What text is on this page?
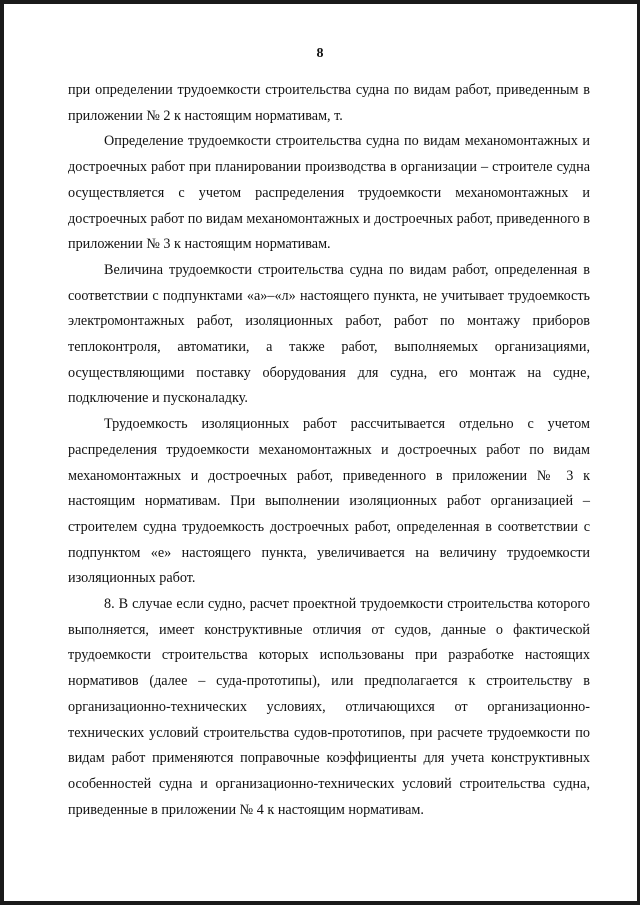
8

при определении трудоемкости строительства судна по видам работ, приведенным в приложении № 2 к настоящим нормативам, т.

Определение трудоемкости строительства судна по видам механомонтажных и достроечных работ при планировании производства в организации – строителе судна осуществляется с учетом распределения трудоемкости механомонтажных и достроечных работ по видам механомонтажных и достроечных работ, приведенного в приложении № 3 к настоящим нормативам.

Величина трудоемкости строительства судна по видам работ, определенная в соответствии с подпунктами «а»–«л» настоящего пункта, не учитывает трудоемкость электромонтажных работ, изоляционных работ, работ по монтажу приборов теплоконтроля, автоматики, а также работ, выполняемых организациями, осуществляющими поставку оборудования для судна, его монтаж на судне, подключение и пусконаладку.

Трудоемкость изоляционных работ рассчитывается отдельно с учетом распределения трудоемкости механомонтажных и достроечных работ по видам механомонтажных и достроечных работ, приведенного в приложении № 3 к настоящим нормативам. При выполнении изоляционных работ организацией – строителем судна трудоемкость достроечных работ, определенная в соответствии с подпунктом «е» настоящего пункта, увеличивается на величину трудоемкости изоляционных работ.

8. В случае если судно, расчет проектной трудоемкости строительства которого выполняется, имеет конструктивные отличия от судов, данные о фактической трудоемкости строительства которых использованы при разработке настоящих нормативов (далее – суда-прототипы), или предполагается к строительству в организационно-технических условиях, отличающихся от организационно-технических условий строительства судов-прототипов, при расчете трудоемкости по видам работ применяются поправочные коэффициенты для учета конструктивных особенностей судна и организационно-технических условий строительства судна, приведенные в приложении № 4 к настоящим нормативам.
